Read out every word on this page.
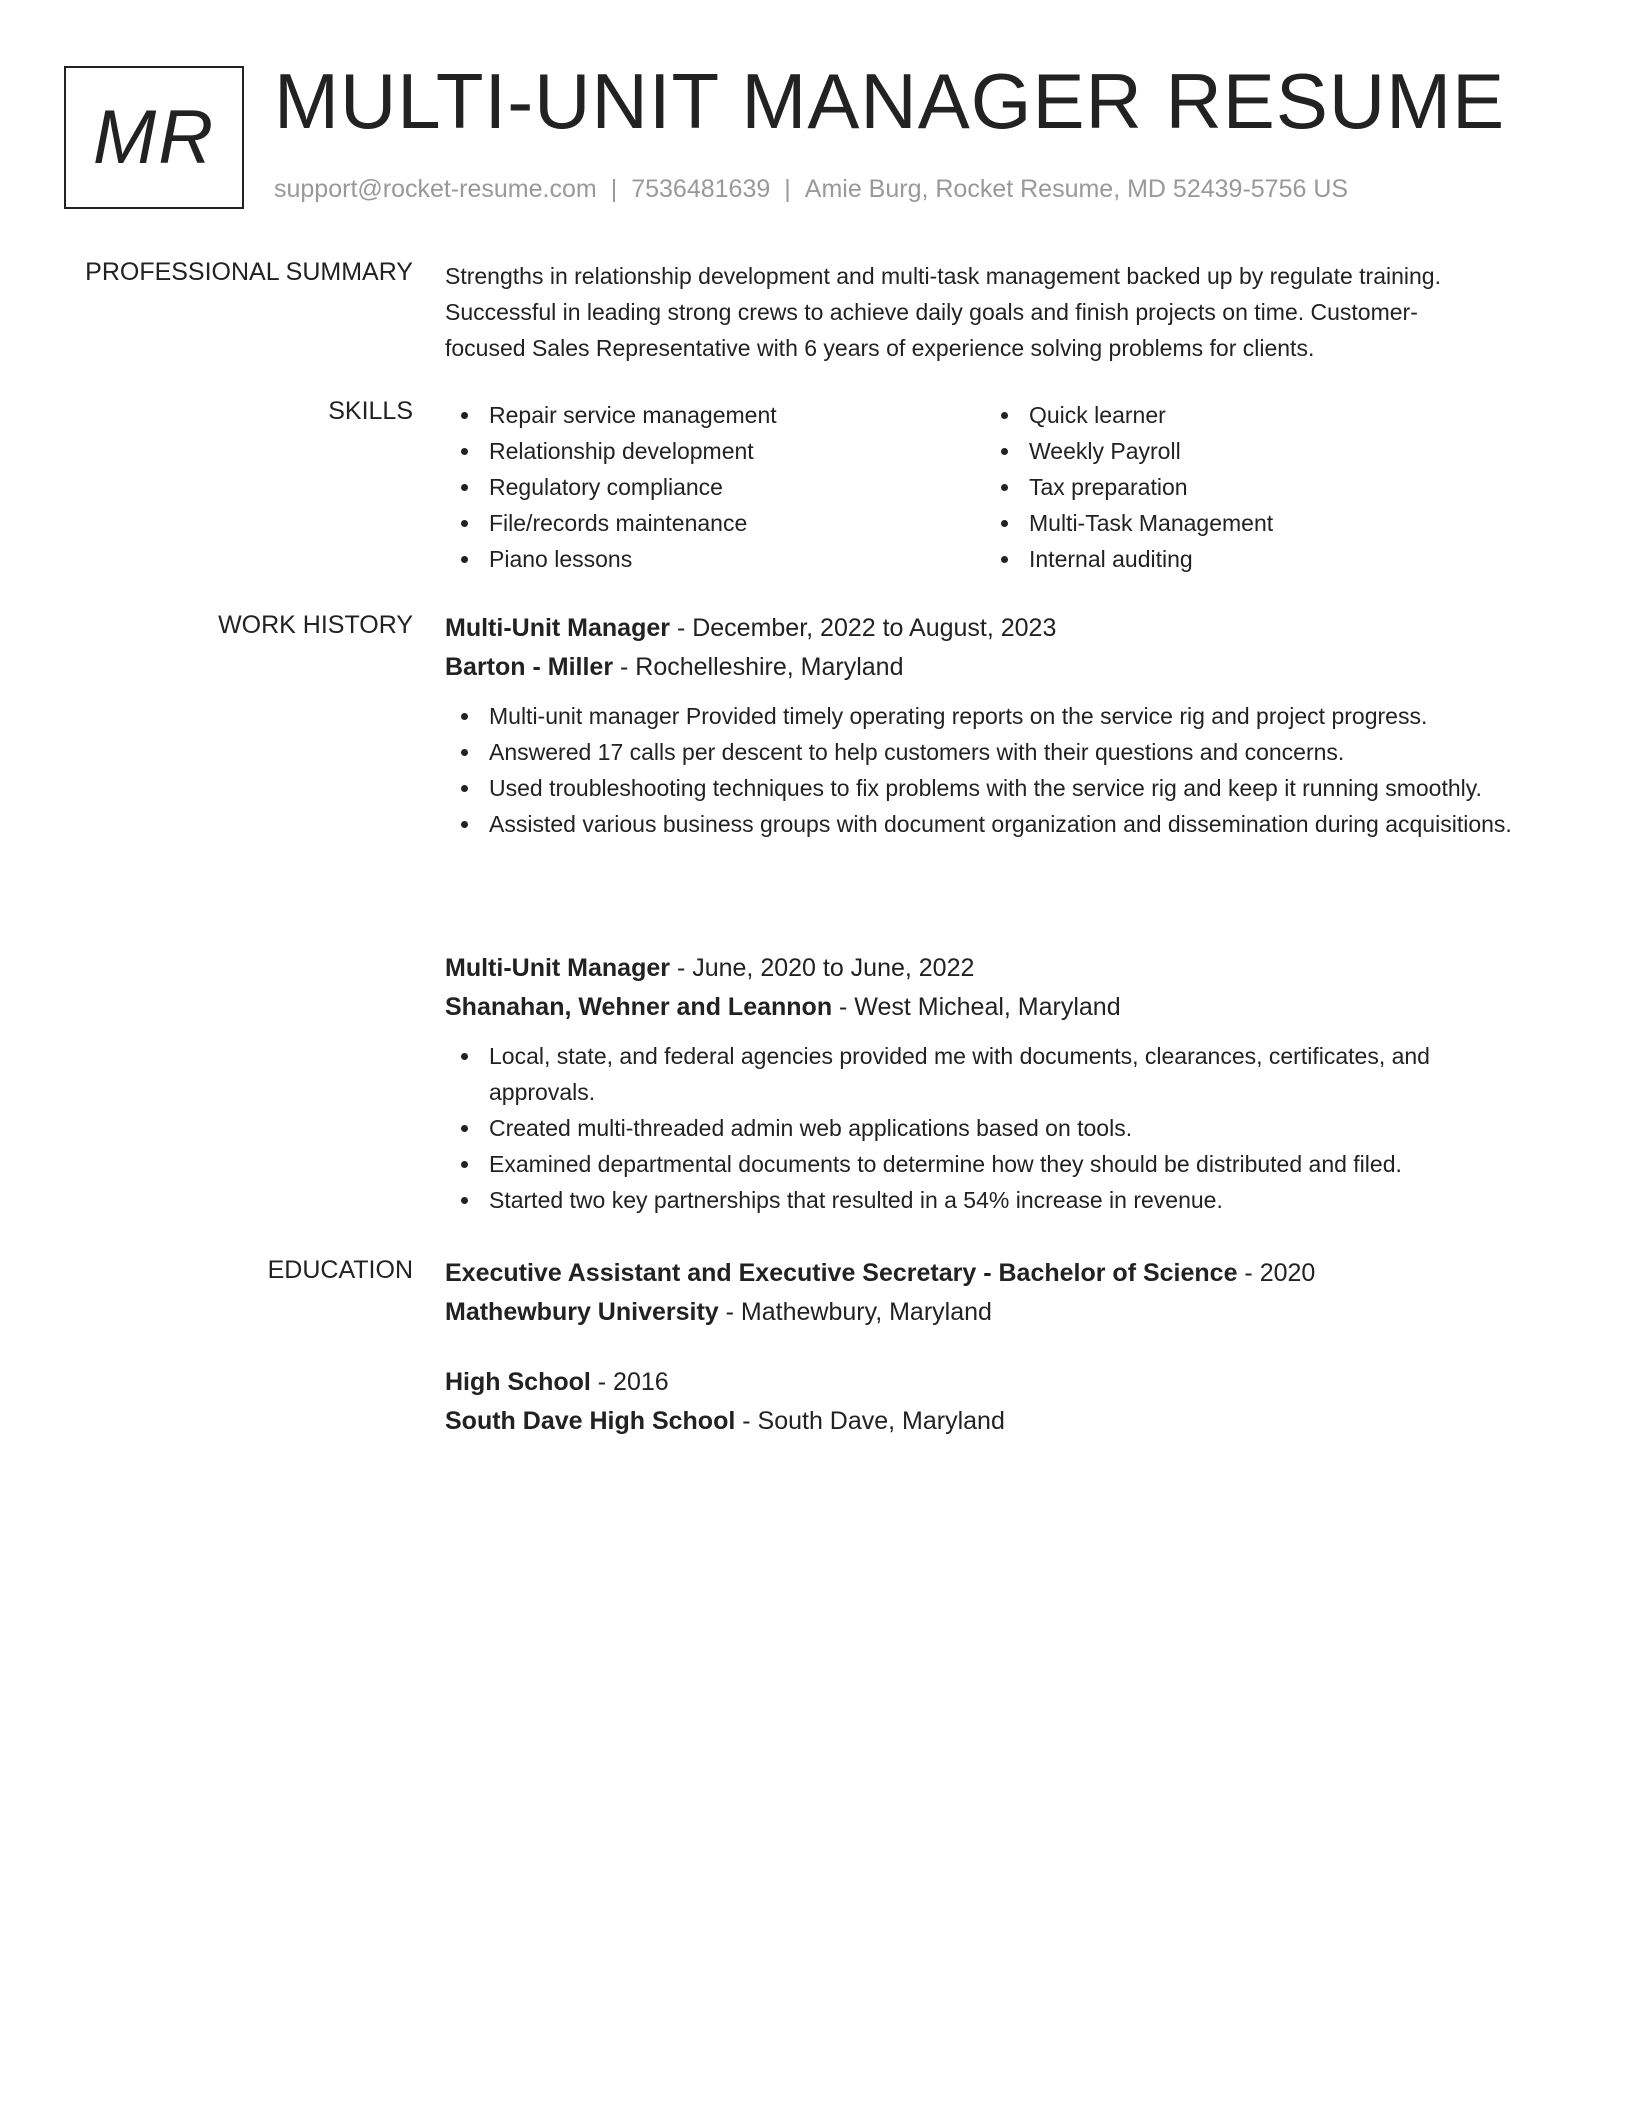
MR MULTI-UNIT MANAGER RESUME
support@rocket-resume.com | 7536481639 | Amie Burg, Rocket Resume, MD 52439-5756 US
PROFESSIONAL SUMMARY Strengths in relationship development and multi-task management backed up by regulate training.
Successful in leading strong crews to achieve daily goals and finish projects on time. Customer-
focused Sales Representative with 6 years of experience solving problems for clients.
SKILLS	Repair service management
Relationship development
Regulatory compliance
File/records maintenance
Piano lessons
Quick learner
Weekly Payroll
Tax preparation
Multi-Task Management
Internal auditing
WORK HISTORY Multi-Unit Manager - December, 2022 to August, 2023
Barton - Miller - Rochelleshire, Maryland
Multi-unit manager Provided timely operating reports on the service rig and project progress.
Answered 17 calls per descent to help customers with their questions and concerns.
Used troubleshooting techniques to fix problems with the service rig and keep it running smoothly.
Assisted various business groups with document organization and dissemination during acquisitions.
Multi-Unit Manager - June, 2020 to June, 2022
Shanahan, Wehner and Leannon - West Micheal, Maryland
Local, state, and federal agencies provided me with documents, clearances, certificates, and approvals.
Created multi-threaded admin web applications based on tools.
Examined departmental documents to determine how they should be distributed and filed.
Started two key partnerships that resulted in a 54% increase in revenue.
EDUCATION Executive Assistant and Executive Secretary - Bachelor of Science - 2020
Mathewbury University - Mathewbury, Maryland
High School - 2016
South Dave High School - South Dave, Maryland
